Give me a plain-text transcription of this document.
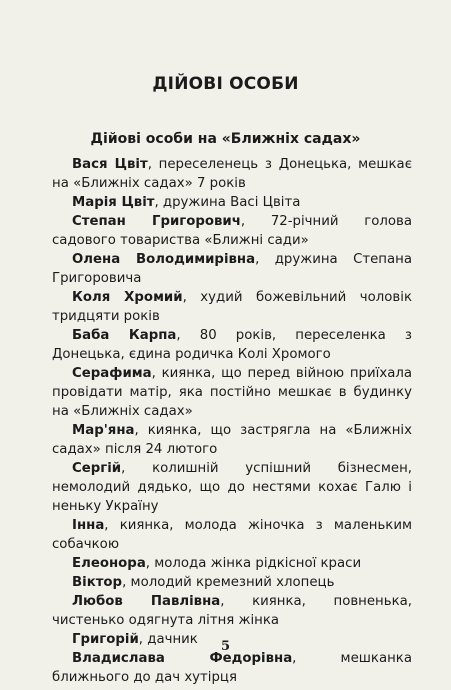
ДІЙОВІ ОСОБИ
Дійові особи на «Ближніх садах»
Вася Цвіт, переселенець з Донецька, мешкає на «Ближніх садах» 7 років
Марія Цвіт, дружина Васі Цвіта
Степан Григорович, 72-річний голова садового товариства «Ближні сади»
Олена Володимирівна, дружина Степана Григоровича
Коля Хромий, худий божевільний чоловік тридцяти років
Баба Карпа, 80 років, переселенка з Донецька, єдина родичка Колі Хромого
Серафима, киянка, що перед війною приїхала провідати матір, яка постійно мешкає в будинку на «Ближніх садах»
Мар'яна, киянка, що застрягла на «Ближніх садах» після 24 лютого
Сергій, колишній успішний бізнесмен, немолодий дядько, що до нестями кохає Галю і неньку Україну
Інна, киянка, молода жіночка з маленьким собачкою
Елеонора, молода жінка рідкісної краси
Віктор, молодий кремезний хлопець
Любов Павлівна, киянка, повненька, чистенько одягнута літня жінка
Григорій, дачник
Владислава Федорівна, мешканка ближнього до дач хутірця
5
